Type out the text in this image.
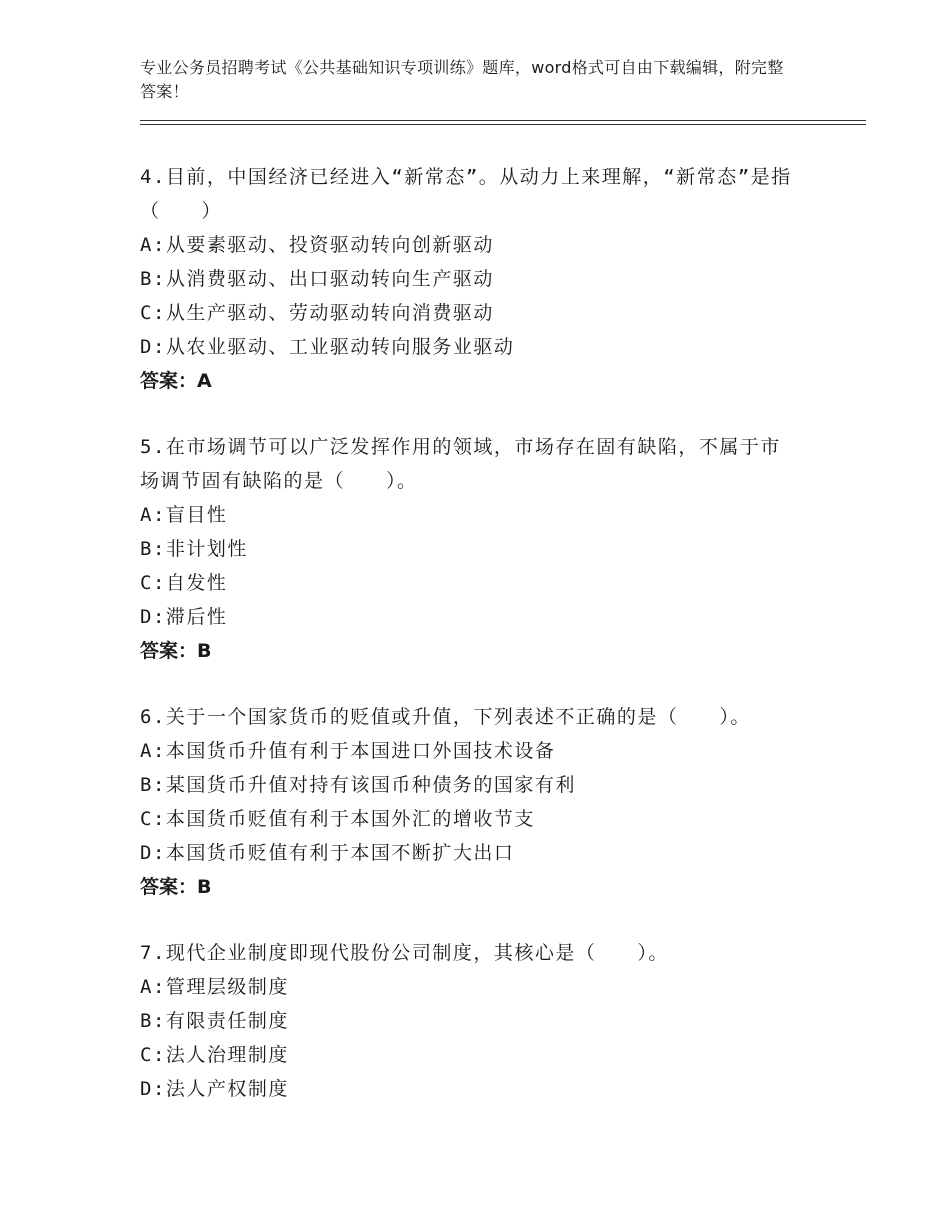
专业公务员招聘考试《公共基础知识专项训练》题库，word格式可自由下载编辑，附完整答案！
4.目前，中国经济已经进入“新常态”。从动力上来理解，“新常态”是指（　　）
A:从要素驱动、投资驱动转向创新驱动
B:从消费驱动、出口驱动转向生产驱动
C:从生产驱动、劳动驱动转向消费驱动
D:从农业驱动、工业驱动转向服务业驱动
答案：A
5.在市场调节可以广泛发挥作用的领域，市场存在固有缺陷，不属于市场调节固有缺陷的是（　　）。
A:盲目性
B:非计划性
C:自发性
D:滞后性
答案：B
6.关于一个国家货币的贬值或升值，下列表述不正确的是（　　）。
A:本国货币升值有利于本国进口外国技术设备
B:某国货币升值对持有该国币种债务的国家有利
C:本国货币贬值有利于本国外汇的增收节支
D:本国货币贬值有利于本国不断扩大出口
答案：B
7.现代企业制度即现代股份公司制度，其核心是（　　）。
A:管理层级制度
B:有限责任制度
C:法人治理制度
D:法人产权制度
